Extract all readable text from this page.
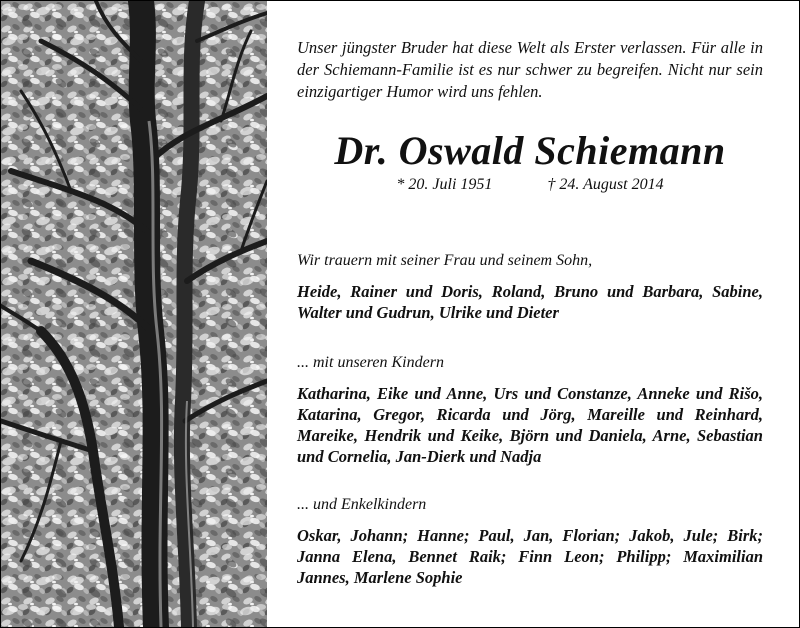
Unser jüngster Bruder hat diese Welt als Erster verlassen. Für alle in der Schiemann-Familie ist es nur schwer zu begreifen. Nicht nur sein einzigartiger Humor wird uns fehlen.
Dr. Oswald Schiemann
* 20. Juli 1951	† 24. August 2014
Wir trauern mit seiner Frau und seinem Sohn,
Heide, Rainer und Doris, Roland, Bruno und Barbara, Sabine, Walter und Gudrun, Ulrike und Dieter
... mit unseren Kindern
Katharina, Eike und Anne, Urs und Constanze, Anneke und Rišo, Katarina, Gregor, Ricarda und Jörg, Mareille und Reinhard, Mareike, Hendrik und Keike, Björn und Daniela, Arne, Sebastian und Cornelia, Jan-Dierk und Nadja
... und Enkelkindern
Oskar, Johann; Hanne; Paul, Jan, Florian; Jakob, Jule; Birk; Janna Elena, Bennet Raik; Finn Leon; Philipp; Maximilian Jannes, Marlene Sophie
